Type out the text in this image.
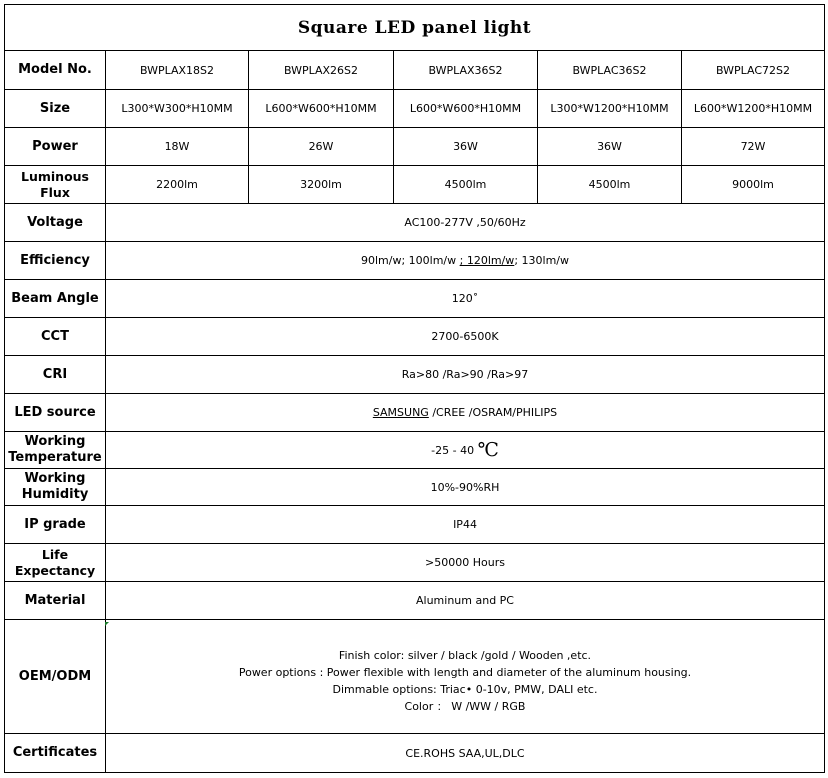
Square LED panel light					
Model No.	BWPLAX18S2	BWPLAX26S2	BWPLAX36S2	BWPLAC36S2	BWPLAC72S2
Size	L300*W300*H10MM	L600*W600*H10MM	L600*W600*H10MM	L300*W1200*H10MM	L600*W1200*H10MM
Power	18W	26W	36W	36W	72W
Luminous Flux	2200lm	3200lm	4500lm	4500lm	9000lm
Voltage	AC100-277V ,50/60Hz				
Efficiency	90lm/w; 100lm/w ; 120lm/w; 130lm/w				
Beam Angle	120˚				
CCT	2700-6500K				
CRI	Ra>80 /Ra>90 /Ra>97				
LED source	SAMSUNG /CREE /OSRAM/PHILIPS				

Working
Temperature	-25 - 40 ℃				

Working
Humidity	10%-90%RH				
IP grade	IP44				
Life Expectancy	>50000 Hours				
Material	Aluminum and PC				
OEM/ODM	Finish color: silver / black /gold / Wooden ,etc.
Power options : Power flexible with length and diameter of the aluminum housing.
Dimmable options: Triac• 0-10v, PMW, DALI etc.
Color ： W /WW / RGB				

Certificates	CE.ROHS SAA,UL,DLC				
